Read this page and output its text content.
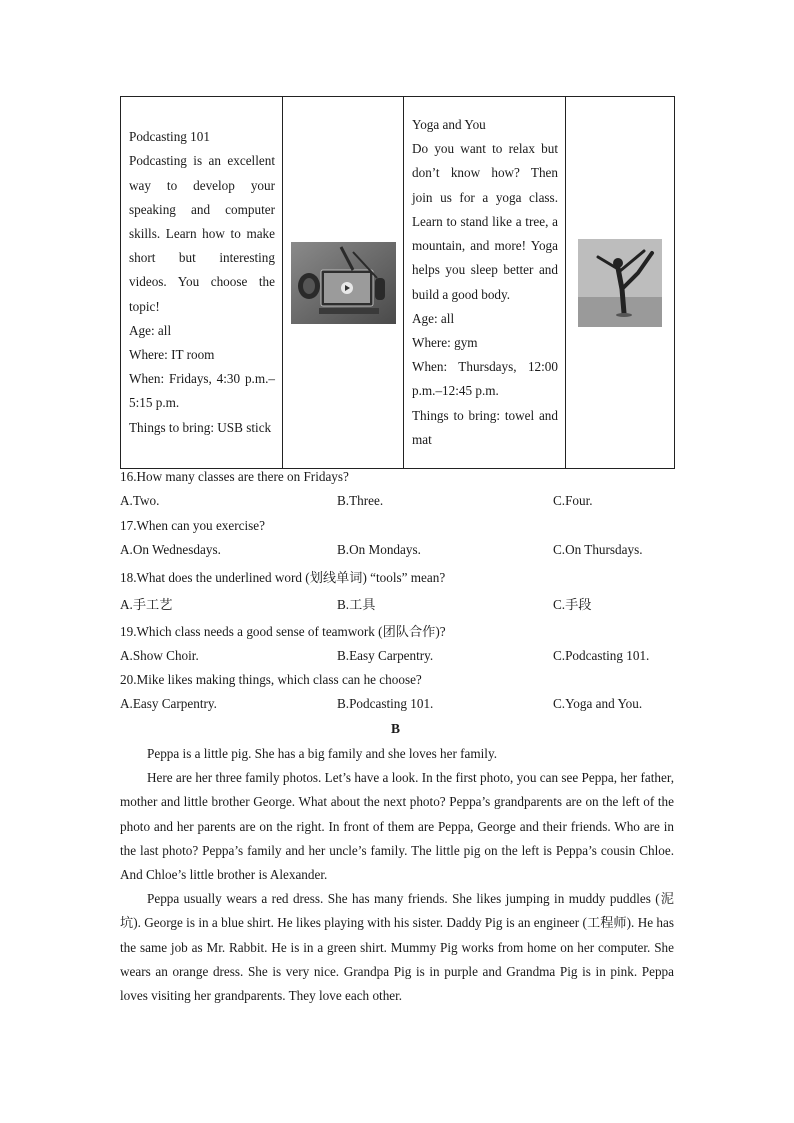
Podcasting 101
Podcasting is an excellent way to develop your speaking and computer skills. Learn how to make short but interesting videos. You choose the topic!
Age: all
Where: IT room
When: Fridays, 4:30 p.m.–5:15 p.m.
Things to bring: USB stick

Yoga and You
Do you want to relax but don’t know how? Then join us for a yoga class. Learn to stand like a tree, a mountain, and more! Yoga helps you sleep better and build a good body.
Age: all
Where: gym
When: Thursdays, 12:00 p.m.–12:45 p.m.
Things to bring: towel and mat

16.How many classes are there on Fridays?
A.Two.	B.Three.	C.Four.
17.When can you exercise?
A.On Wednesdays.	B.On Mondays.	C.On Thursdays.
18.What does the underlined word (划线单词) “tools” mean?
A.手工艺	B.工具	C.手段
19.Which class needs a good sense of teamwork (团队合作)?
A.Show Choir.	B.Easy Carpentry.	C.Podcasting 101.
20.Mike likes making things, which class can he choose?
A.Easy Carpentry.	B.Podcasting 101.	C.Yoga and You.
B

Peppa is a little pig. She has a big family and she loves her family.

Here are her three family photos. Let’s have a look. In the first photo, you can see Peppa, her father, mother and little brother George. What about the next photo? Peppa’s grandparents are on the left of the photo and her parents are on the right. In front of them are Peppa, George and their friends. Who are in the last photo? Peppa’s family and her uncle’s family. The little pig on the left is Peppa’s cousin Chloe. And Chloe’s little brother is Alexander.

Peppa usually wears a red dress. She has many friends. She likes jumping in muddy puddles (泥坑). George is in a blue shirt. He likes playing with his sister. Daddy Pig is an engineer (工程师). He has the same job as Mr. Rabbit. He is in a green shirt. Mummy Pig works from home on her computer. She wears an orange dress. She is very nice. Grandpa Pig is in purple and Grandma Pig is in pink. Peppa loves visiting her grandparents. They love each other.
